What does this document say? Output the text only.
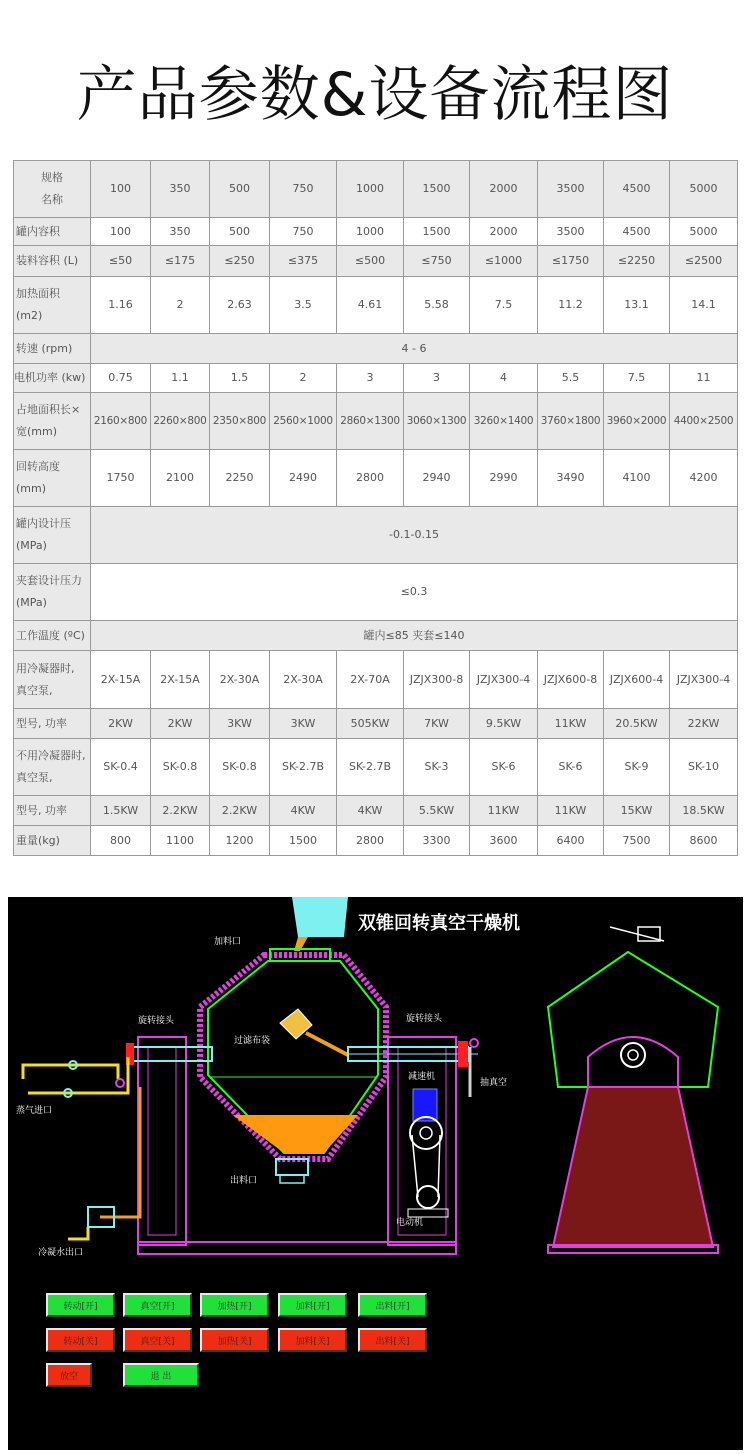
产品参数&设备流程图
规格
名称	100	350	500	750	1000	1500	2000	3500	4500	5000
罐内容积	100	350	500	750	1000	1500	2000	3500	4500	5000
装料容积 (L)	≤50	≤175	≤250	≤375	≤500	≤750	≤1000	≤1750	≤2250	≤2500
加热面积 (m2)	1.16	2	2.63	3.5	4.61	5.58	7.5	11.2	13.1	14.1
转速 (rpm)	4 - 6									
电机功率 (kw)	0.75	1.1	1.5	2	3	3	4	5.5	7.5	11
占地面积长×宽(mm)	2160×800	2260×800	2350×800	2560×1000	2860×1300	3060×1300	3260×1400	3760×1800	3960×2000	4400×2500
回转高度 (mm)	1750	2100	2250	2490	2800	2940	2990	3490	4100	4200
罐内设计压 (MPa)	-0.1-0.15									
夹套设计压力 (MPa)	≤0.3									
工作温度 (ºC)	罐内≤85 夹套≤140									
用冷凝器时, 真空泵,	2X-15A	2X-15A	2X-30A	2X-30A	2X-70A	JZJX300-8	JZJX300-4	JZJX600-8	JZJX600-4	JZJX300-4
型号, 功率	2KW	2KW	3KW	3KW	505KW	7KW	9.5KW	11KW	20.5KW	22KW
不用冷凝器时, 真空泵,	SK-0.4	SK-0.8	SK-0.8	SK-2.7B	SK-2.7B	SK-3	SK-6	SK-6	SK-9	SK-10
型号, 功率	1.5KW	2.2KW	2.2KW	4KW	4KW	5.5KW	11KW	11KW	15KW	18.5KW
重量(kg)	800	1100	1200	1500	2800	3300	3600	6400	7500	8600
双锥回转真空干燥机
加料口
旋转接头	旋转接头
过滤布袋
减速机
抽真空
蒸气进口
出料口
电动机
冷凝水出口
转动[开]	真空[开]	加热[开]	加料[开]	出料[开]
转动[关]	真空[关]	加热[关]	加料[关]	出料[关]
放空	退 出
